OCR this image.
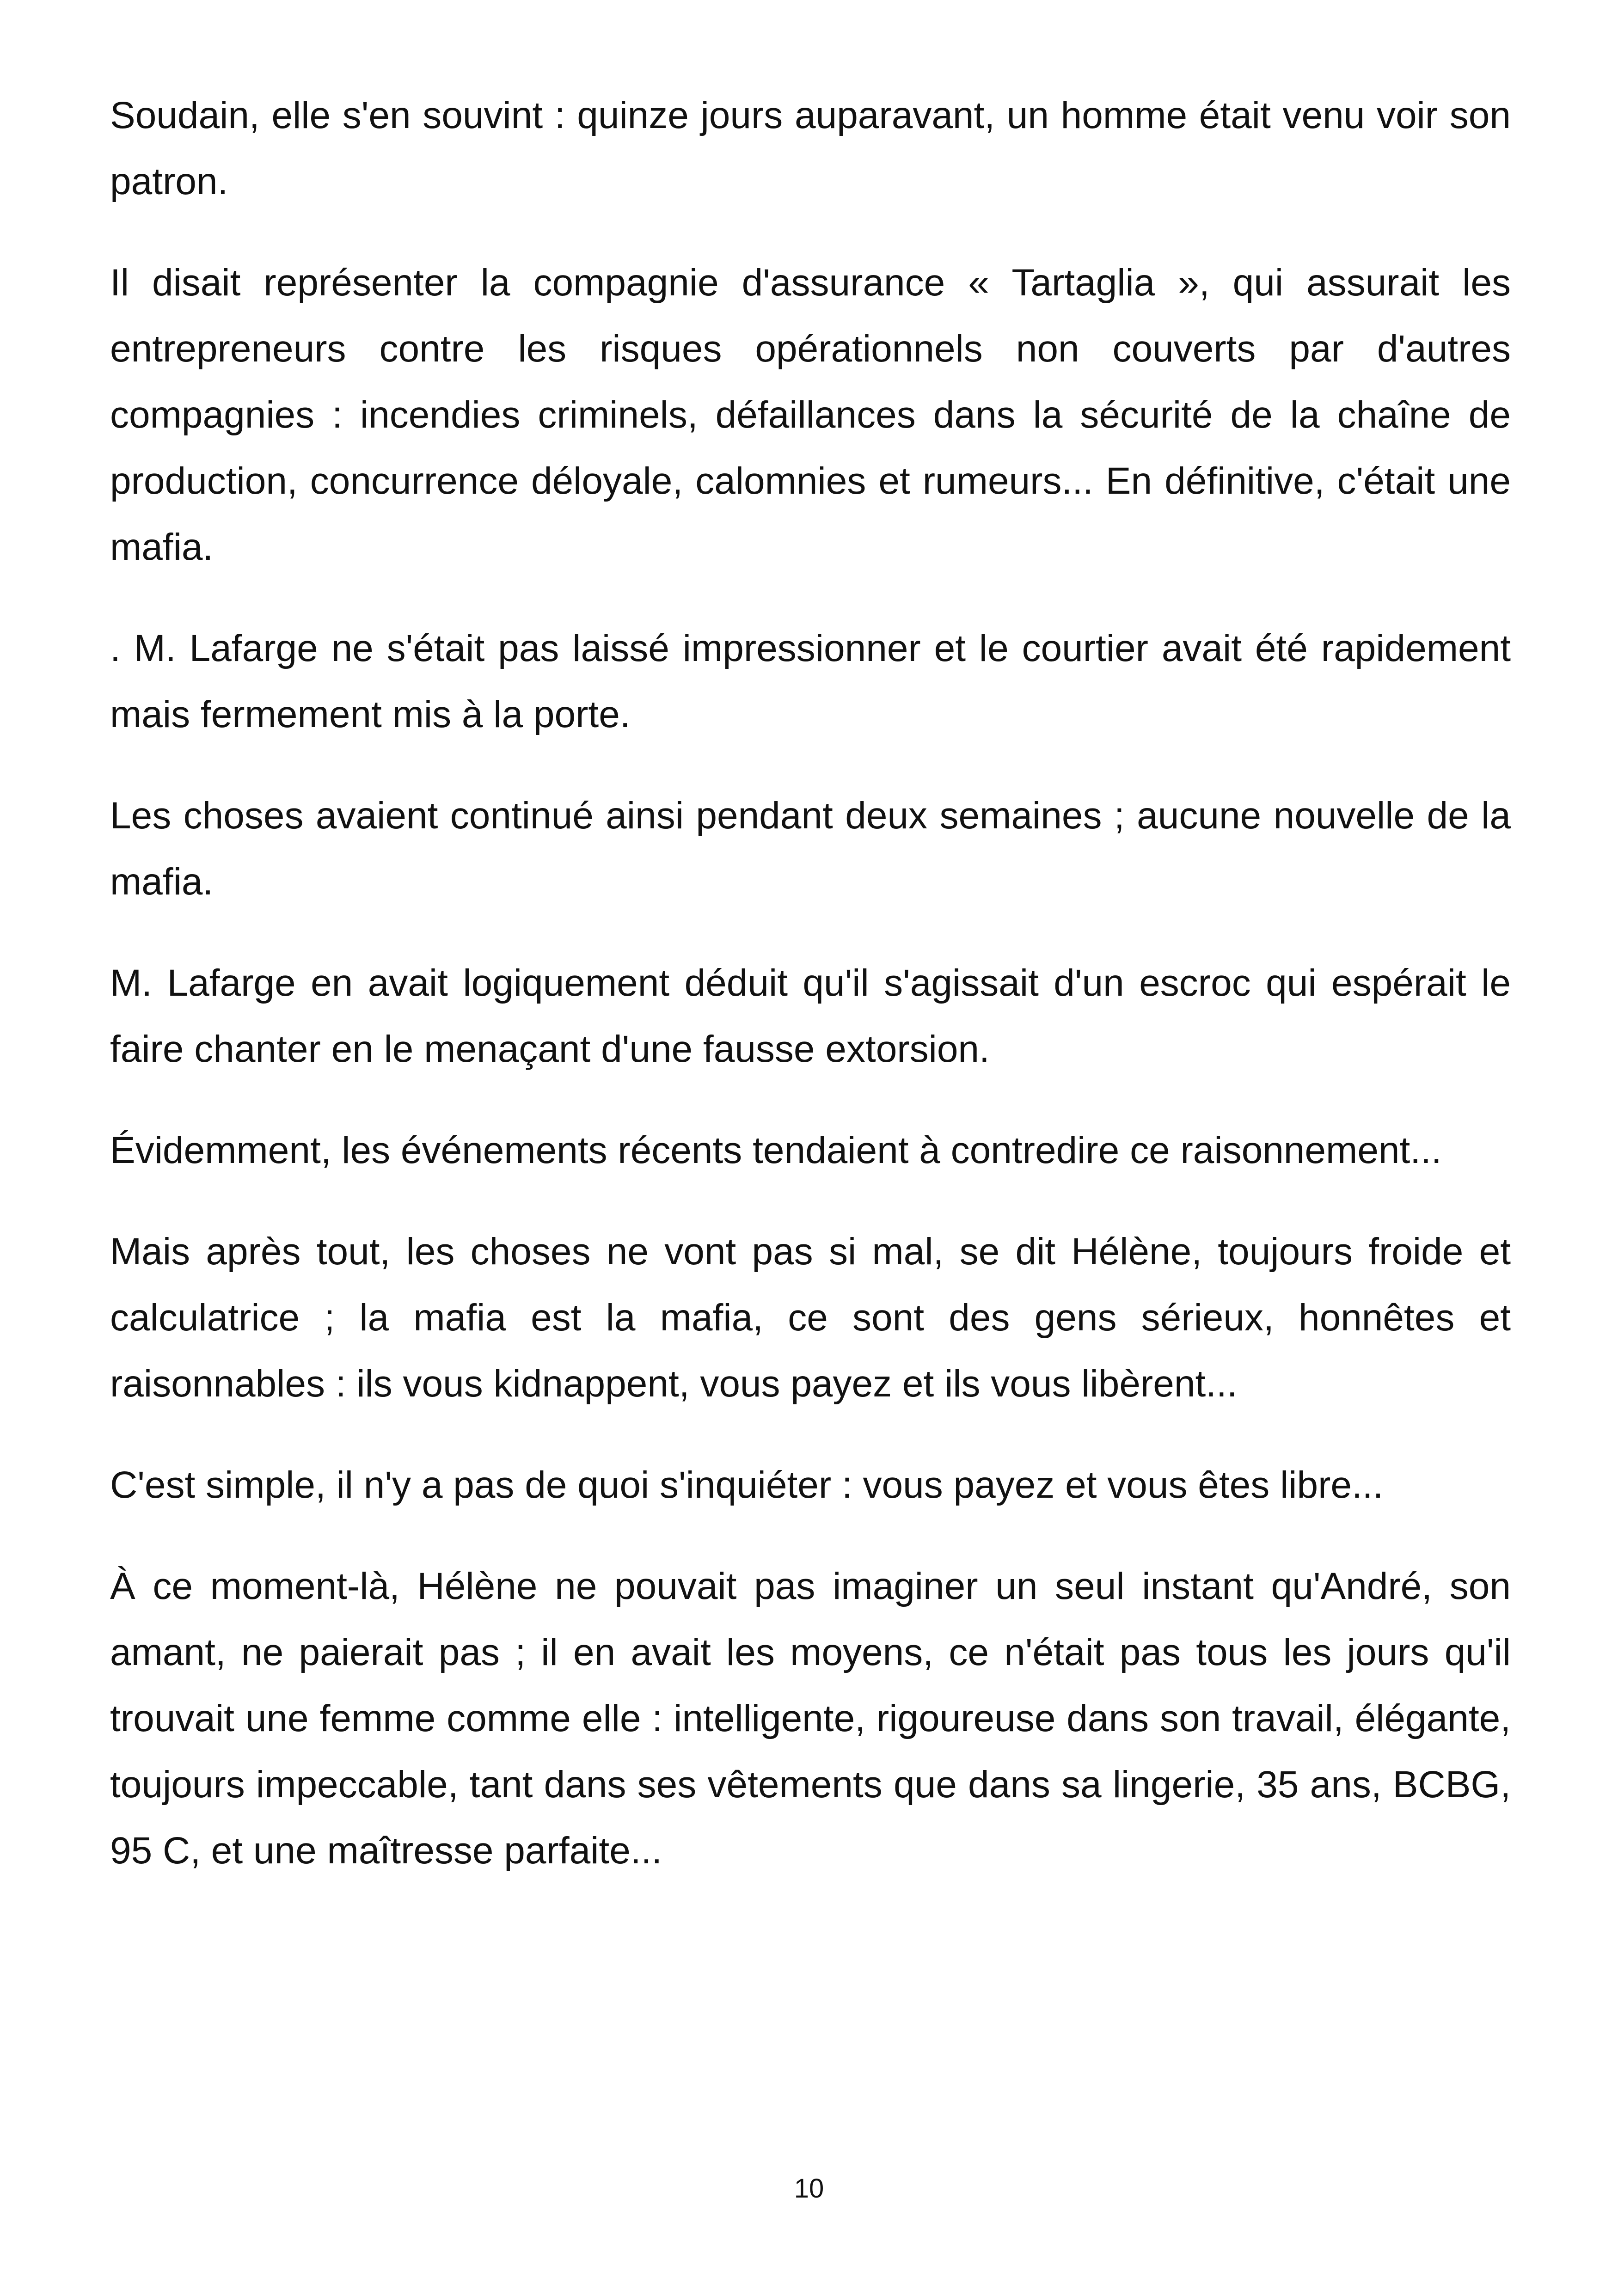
Soudain, elle s'en souvint : quinze jours auparavant, un homme était venu voir son patron.

Il disait représenter la compagnie d'assurance « Tartaglia », qui assurait les entrepreneurs contre les risques opérationnels non couverts par d'autres compagnies : incendies criminels, défaillances dans la sécurité de la chaîne de production, concurrence déloyale, calomnies et rumeurs... En définitive, c'était une mafia.

. M. Lafarge ne s'était pas laissé impressionner et le courtier avait été rapidement mais fermement mis à la porte.

Les choses avaient continué ainsi pendant deux semaines ; aucune nouvelle de la mafia.

M. Lafarge en avait logiquement déduit qu'il s'agissait d'un escroc qui espérait le faire chanter en le menaçant d'une fausse extorsion.

Évidemment, les événements récents tendaient à contredire ce raisonnement...

Mais après tout, les choses ne vont pas si mal, se dit Hélène, toujours froide et calculatrice ; la mafia est la mafia, ce sont des gens sérieux, honnêtes et raisonnables : ils vous kidnappent, vous payez et ils vous libèrent...

C'est simple, il n'y a pas de quoi s'inquiéter : vous payez et vous êtes libre...

À ce moment-là, Hélène ne pouvait pas imaginer un seul instant qu'André, son amant, ne paierait pas ; il en avait les moyens, ce n'était pas tous les jours qu'il trouvait une femme comme elle : intelligente, rigoureuse dans son travail, élégante, toujours impeccable, tant dans ses vêtements que dans sa lingerie, 35 ans, BCBG, 95 C, et une maîtresse parfaite...

10
